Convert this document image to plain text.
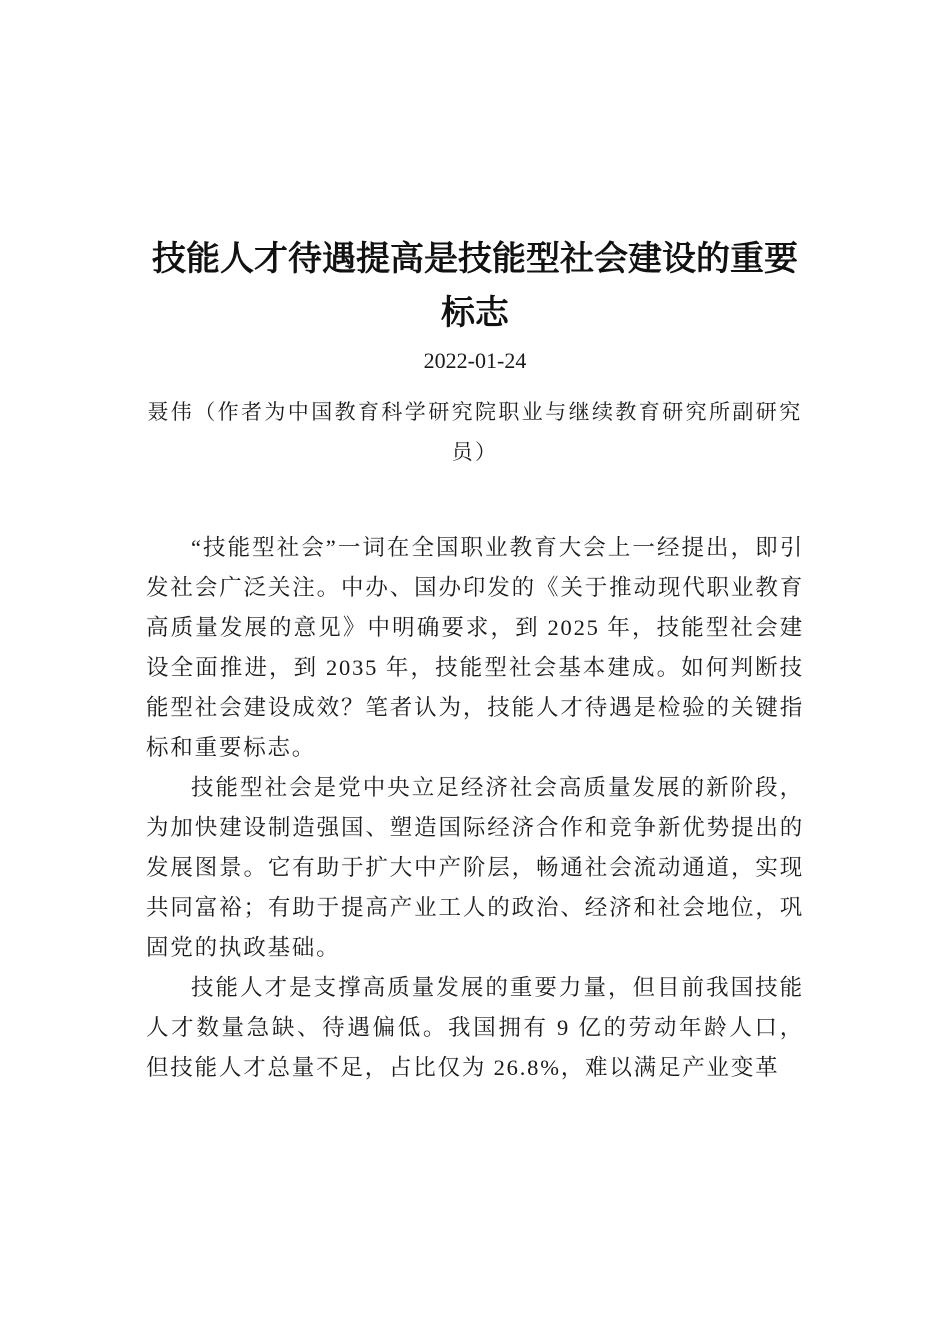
技能人才待遇提高是技能型社会建设的重要标志
2022-01-24
聂伟（作者为中国教育科学研究院职业与继续教育研究所副研究员）

“技能型社会”一词在全国职业教育大会上一经提出，即引发社会广泛关注。中办、国办印发的《关于推动现代职业教育高质量发展的意见》中明确要求，到 2025 年，技能型社会建设全面推进，到 2035 年，技能型社会基本建成。如何判断技能型社会建设成效？笔者认为，技能人才待遇是检验的关键指标和重要标志。

技能型社会是党中央立足经济社会高质量发展的新阶段，为加快建设制造强国、塑造国际经济合作和竞争新优势提出的发展图景。它有助于扩大中产阶层，畅通社会流动通道，实现共同富裕；有助于提高产业工人的政治、经济和社会地位，巩固党的执政基础。

技能人才是支撑高质量发展的重要力量，但目前我国技能人才数量急缺、待遇偏低。我国拥有 9 亿的劳动年龄人口，但技能人才总量不足，占比仅为 26.8%，难以满足产业变革
